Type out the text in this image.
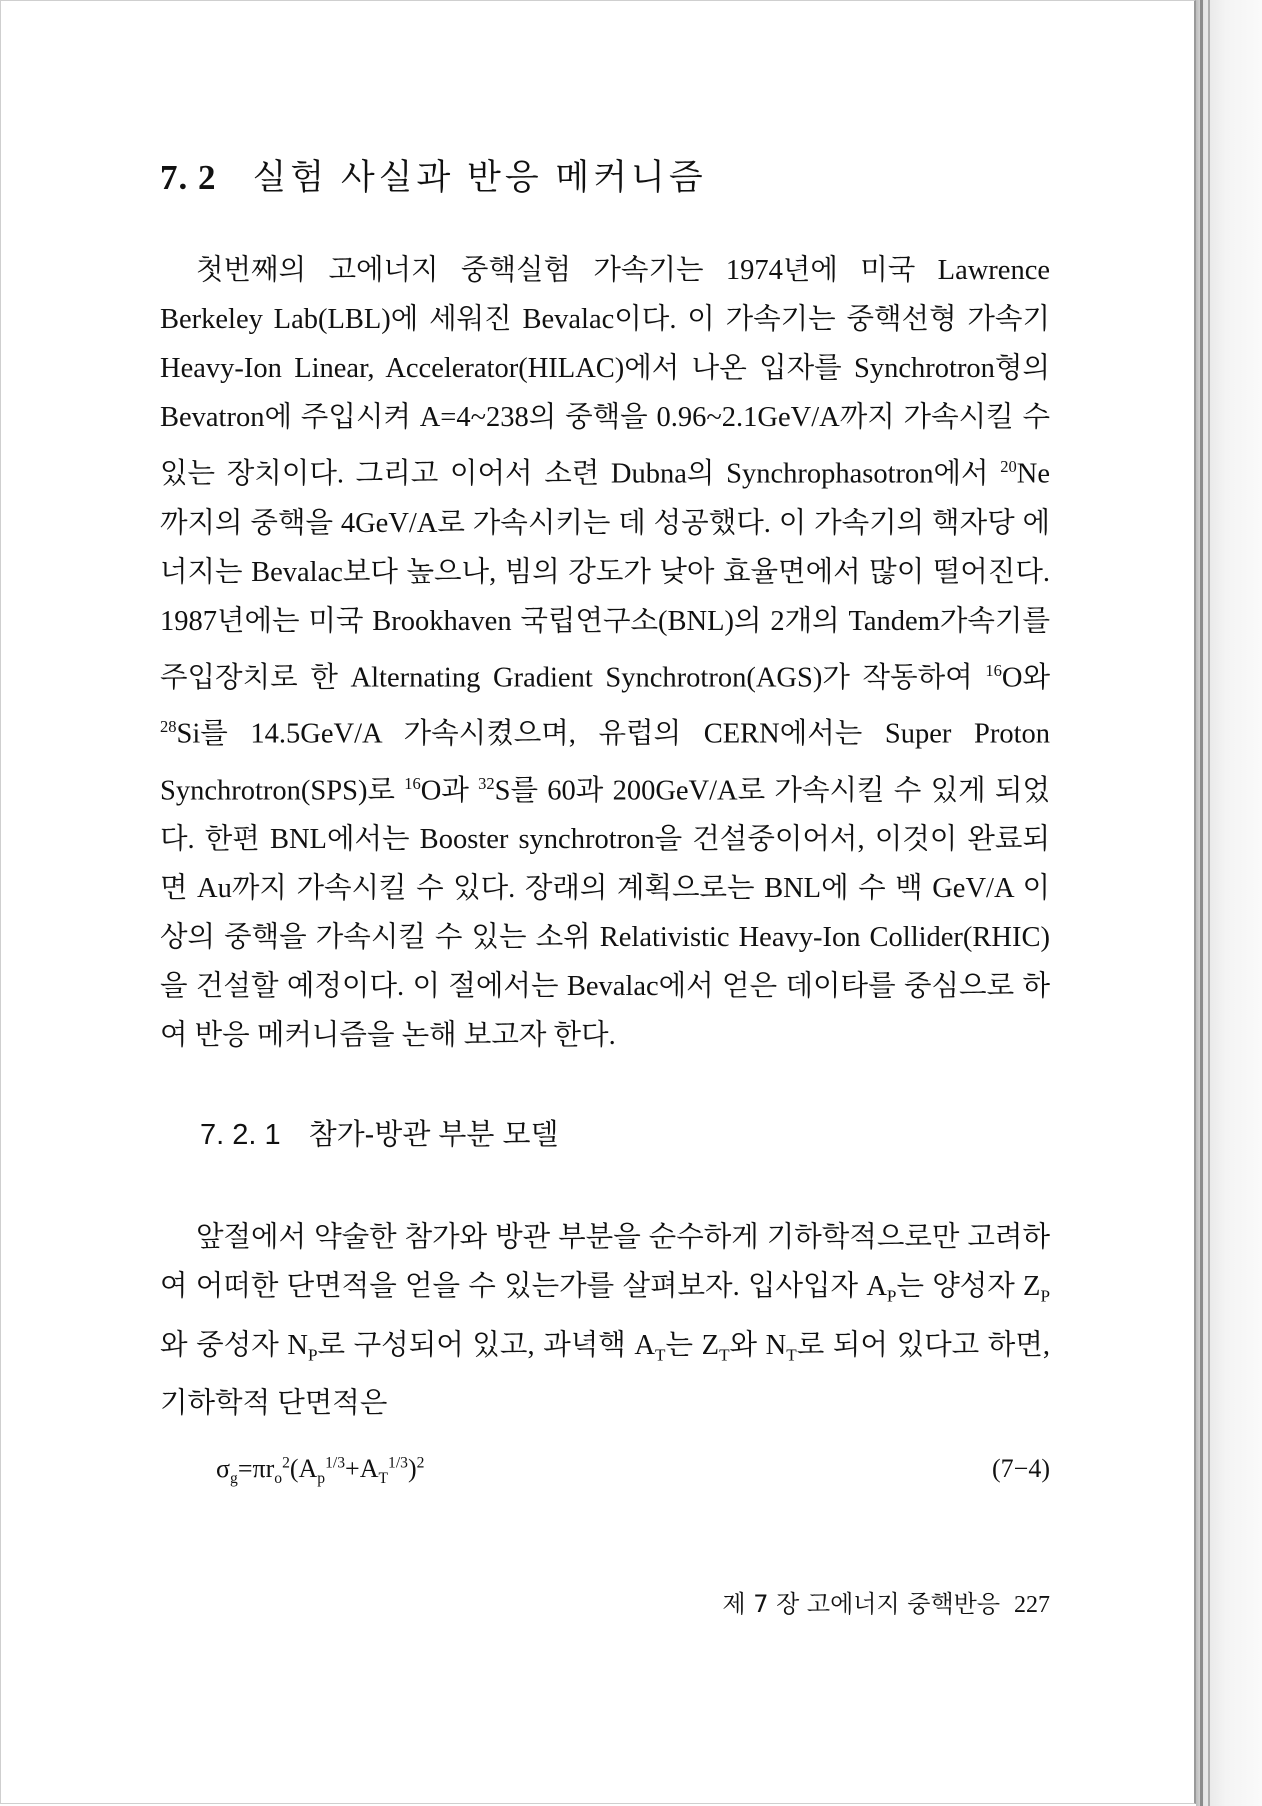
7. 2 실험 사실과 반응 메커니즘

첫번째의 고에너지 중핵실험 가속기는 1974년에 미국 Lawrence Berkeley Lab(LBL)에 세워진 Bevalac이다. 이 가속기는 중핵선형 가속기 Heavy-Ion Linear, Accelerator(HILAC)에서 나온 입자를 Synchrotron형의 Bevatron에 주입시켜 A=4~238의 중핵을 0.96~2.1GeV/A까지 가속시킬 수 있는 장치이다. 그리고 이어서 소련 Dubna의 Synchrophasotron에서 $^{20}$Ne 까지의 중핵을 4GeV/A로 가속시키는 데 성공했다. 이 가속기의 핵자당 에너지는 Bevalac보다 높으나, 빔의 강도가 낮아 효율면에서 많이 떨어진다. 1987년에는 미국 Brookhaven 국립연구소(BNL)의 2개의 Tandem가속기를 주입장치로 한 Alternating Gradient Synchrotron(AGS)가 작동하여 $^{16}$O와 $^{28}$Si를 14.5GeV/A 가속시켰으며, 유럽의 CERN에서는 Super Proton Synchrotron(SPS)로 $^{16}$O과 $^{32}$S를 60과 200GeV/A로 가속시킬 수 있게 되었다. 한편 BNL에서는 Booster synchrotron을 건설중이어서, 이것이 완료되면 Au까지 가속시킬 수 있다. 장래의 계획으로는 BNL에 수 백 GeV/A 이상의 중핵을 가속시킬 수 있는 소위 Relativistic Heavy-Ion Collider(RHIC)을 건설할 예정이다. 이 절에서는 Bevalac에서 얻은 데이타를 중심으로 하여 반응 메커니즘을 논해 보고자 한다.

7. 2. 1 참가-방관 부분 모델

앞절에서 약술한 참가와 방관 부분을 순수하게 기하학적으로만 고려하여 어떠한 단면적을 얻을 수 있는가를 살펴보자. 입사입자 $A_P$는 양성자 $Z_P$와 중성자 $N_P$로 구성되어 있고, 과녁핵 $A_T$는 $Z_T$와 $N_T$로 되어 있다고 하면, 기하학적 단면적은

$\sigma_g=\pi r_o^2(A_p^{1/3}+A_T^{1/3})^2$	(7−4)
제 7 장 고에너지 중핵반응 227
